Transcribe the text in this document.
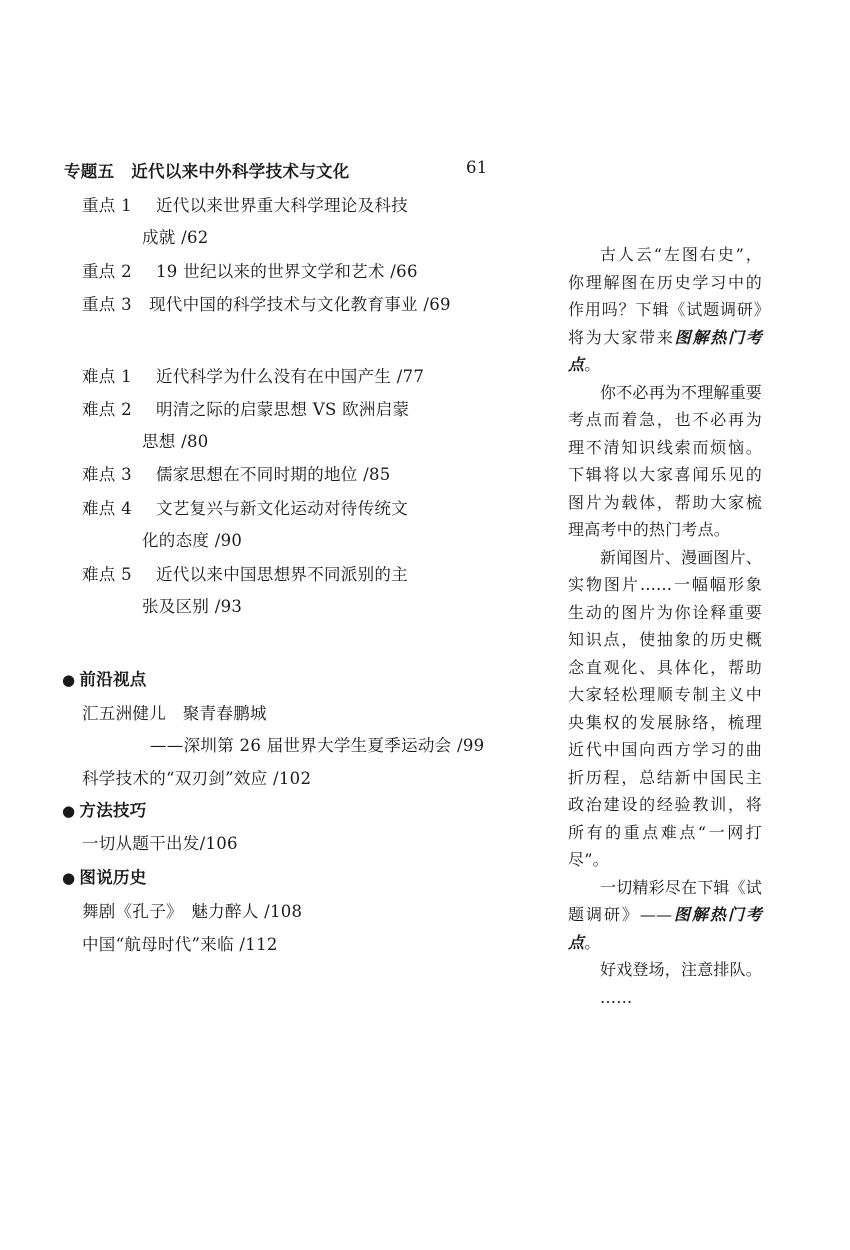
专题五　近代以来中外科学技术与文化	61
重点 1 近代以来世界重大科学理论及科技
成就 /62
重点 2 19 世纪以来的世界文学和艺术 /66
重点 3 现代中国的科学技术与文化教育事业 /69
难点 1 近代科学为什么没有在中国产生 /77
难点 2 明清之际的启蒙思想 VS 欧洲启蒙
思想 /80
难点 3 儒家思想在不同时期的地位 /85
难点 4 文艺复兴与新文化运动对待传统文
化的态度 /90
难点 5 近代以来中国思想界不同派别的主
张及区别 /93
● 前沿视点
汇五洲健儿　聚青春鹏城
——深圳第 26 届世界大学生夏季运动会 /99
科学技术的“双刃剑”效应 /102
● 方法技巧
一切从题干出发/106
● 图说历史
舞剧《孔子》　魅力醉人 /108
中国“航母时代”来临 /112

古人云“左图右史”，你理解图在历史学习中的作用吗？下辑《试题调研》将为大家带来图解热门考点。

你不必再为不理解重要考点而着急，也不必再为理不清知识线索而烦恼。下辑将以大家喜闻乐见的图片为载体，帮助大家梳理高考中的热门考点。

新闻图片、漫画图片、实物图片……一幅幅形象生动的图片为你诠释重要知识点，使抽象的历史概念直观化、具体化，帮助大家轻松理顺专制主义中央集权的发展脉络，梳理近代中国向西方学习的曲折历程，总结新中国民主政治建设的经验教训，将所有的重点难点“一网打尽”。

一切精彩尽在下辑《试题调研》——图解热门考点。

好戏登场，注意排队。

……
